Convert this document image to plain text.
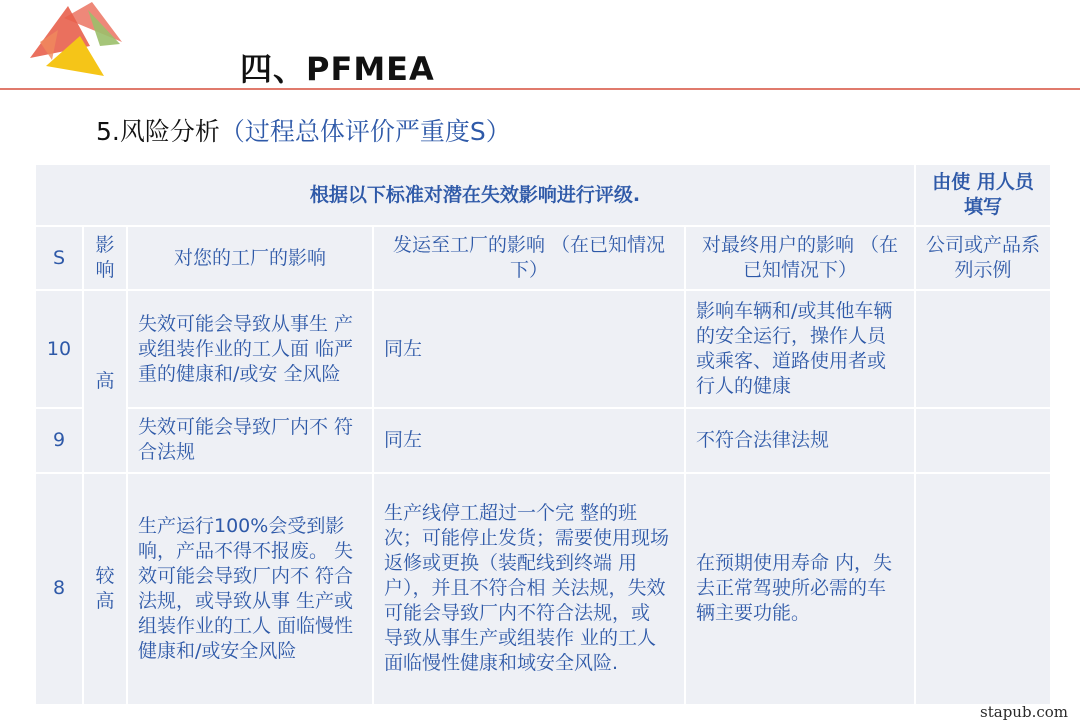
四、PFMEA
5.风险分析（过程总体评价严重度S）
根据以下标准对潜在失效影响进行评级.					由使 用人员填写
S	影响	对您的工厂的影响	发运至工厂的影响 （在已知情况下）	对最终用户的影响 （在已知情况下）	公司或产品系列示例
10	高	失效可能会导致从事生 产或组装作业的工人面 临严重的健康和/或安 全风险	同左	影响车辆和/或其他车辆的安全运行，操作人员或乘客、道路使用者或行人的健康	
9		失效可能会导致厂内不 符合法规	同左	不符合法律法规	
8	较高	生产运行100%会受到影响，产品不得不报废。 失效可能会导致厂内不 符合法规，或导致从事 生产或组装作业的工人 面临慢性健康和/或安全风险	生产线停工超过一个完 整的班次；可能停止发货；需要使用现场返修或更换（装配线到终端 用户），并且不符合相 关法规，失效可能会导致厂内不符合法规，或 导致从事生产或组装作 业的工人面临慢性健康和域安全风险.	在预期使用寿命 内，失去正常驾驶所必需的车辆主要功能。	
stapub.com
